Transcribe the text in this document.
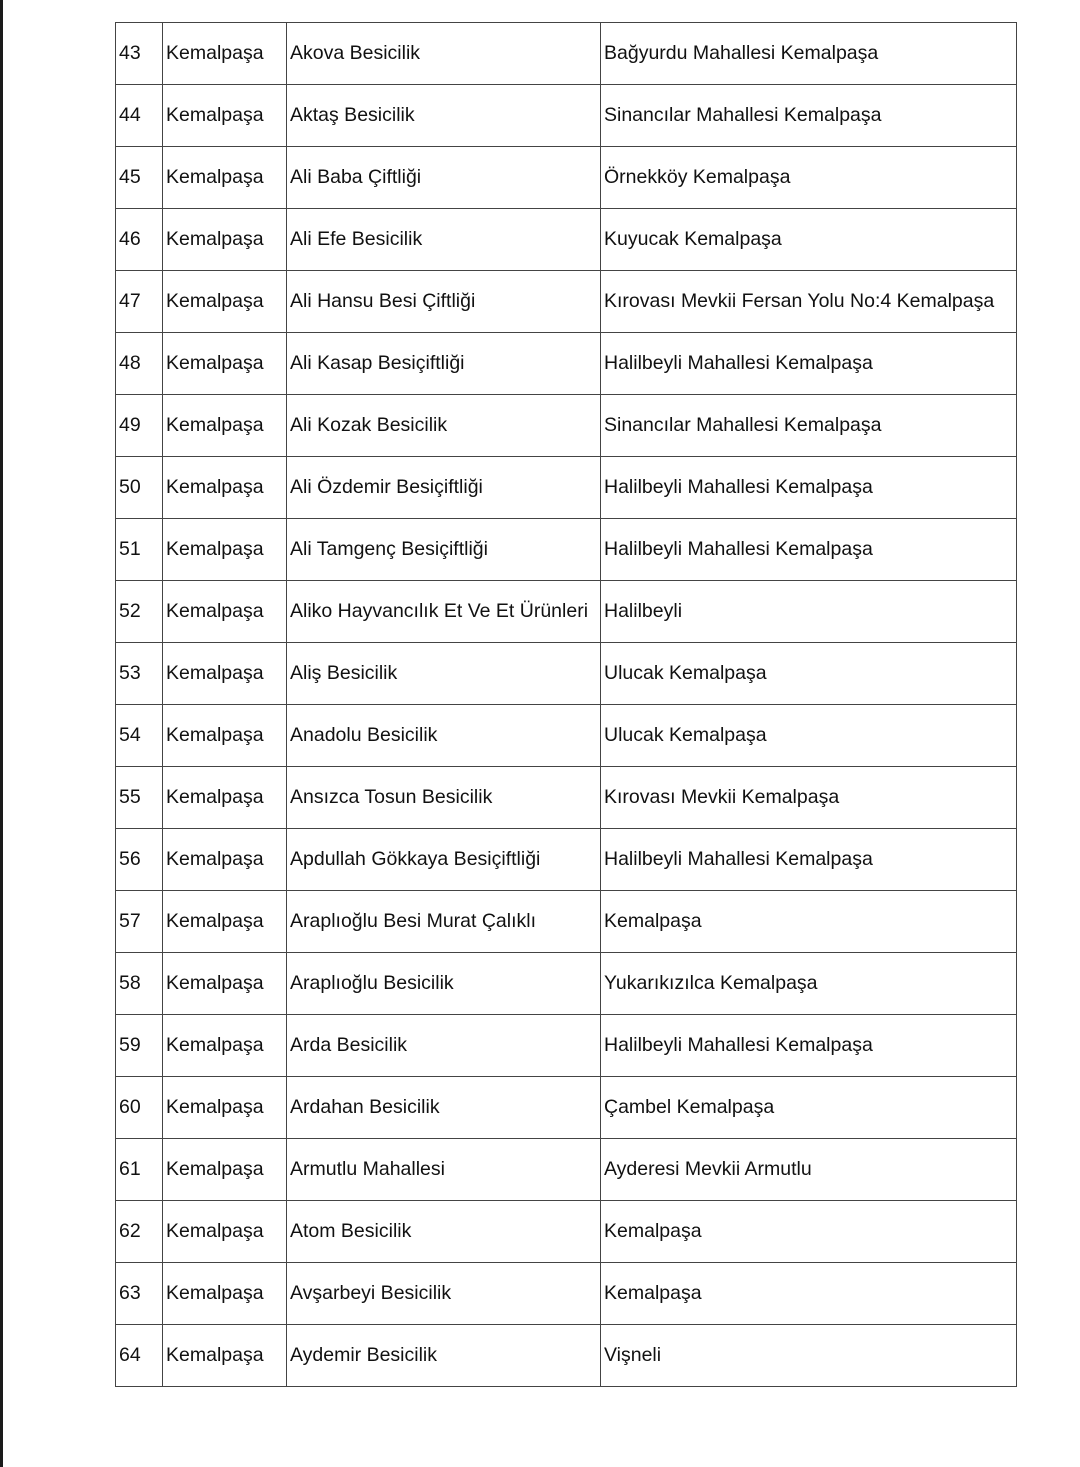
43	Kemalpaşa	Akova Besicilik	Bağyurdu Mahallesi Kemalpaşa
44	Kemalpaşa	Aktaş Besicilik	Sinancılar Mahallesi Kemalpaşa
45	Kemalpaşa	Ali Baba Çiftliği	Örnekköy Kemalpaşa
46	Kemalpaşa	Ali Efe Besicilik	Kuyucak Kemalpaşa
47	Kemalpaşa	Ali Hansu Besi Çiftliği	Kırovası Mevkii Fersan Yolu No:4 Kemalpaşa
48	Kemalpaşa	Ali Kasap Besiçiftliği	Halilbeyli Mahallesi Kemalpaşa
49	Kemalpaşa	Ali Kozak Besicilik	Sinancılar Mahallesi Kemalpaşa
50	Kemalpaşa	Ali Özdemir Besiçiftliği	Halilbeyli Mahallesi Kemalpaşa
51	Kemalpaşa	Ali Tamgenç Besiçiftliği	Halilbeyli Mahallesi Kemalpaşa
52	Kemalpaşa	Aliko Hayvancılık Et Ve Et Ürünleri	Halilbeyli
53	Kemalpaşa	Aliş Besicilik	Ulucak Kemalpaşa
54	Kemalpaşa	Anadolu Besicilik	Ulucak Kemalpaşa
55	Kemalpaşa	Ansızca Tosun Besicilik	Kırovası Mevkii Kemalpaşa
56	Kemalpaşa	Apdullah Gökkaya Besiçiftliği	Halilbeyli Mahallesi Kemalpaşa
57	Kemalpaşa	Araplıoğlu Besi Murat Çalıklı	Kemalpaşa
58	Kemalpaşa	Araplıoğlu Besicilik	Yukarıkızılca Kemalpaşa
59	Kemalpaşa	Arda Besicilik	Halilbeyli Mahallesi Kemalpaşa
60	Kemalpaşa	Ardahan Besicilik	Çambel Kemalpaşa
61	Kemalpaşa	Armutlu Mahallesi	Ayderesi Mevkii Armutlu
62	Kemalpaşa	Atom Besicilik	Kemalpaşa
63	Kemalpaşa	Avşarbeyi Besicilik	Kemalpaşa
64	Kemalpaşa	Aydemir Besicilik	Vişneli
